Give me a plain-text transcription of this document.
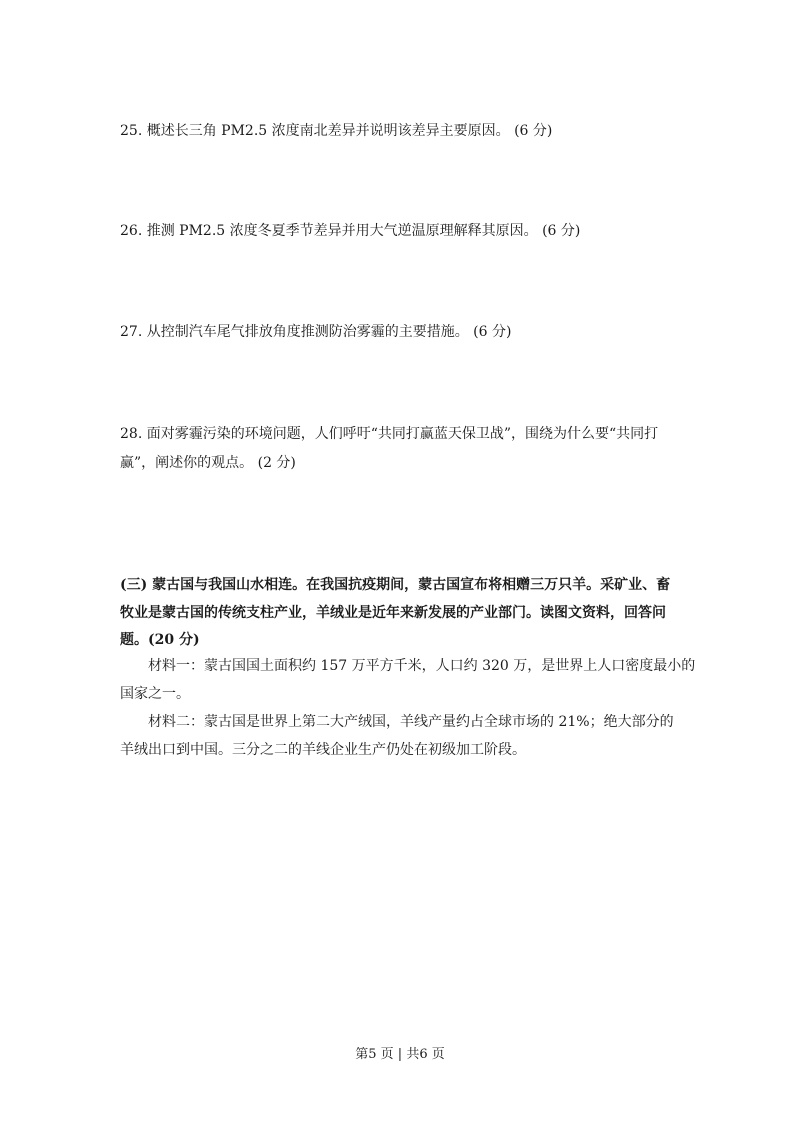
25. 概述长三角 PM2.5 浓度南北差异并说明该差异主要原因。 (6 分)
26. 推测 PM2.5 浓度冬夏季节差异并用大气逆温原理解释其原因。 (6 分)
27. 从控制汽车尾气排放角度推测防治雾霾的主要措施。 (6 分)
28. 面对雾霾污染的环境问题，人们呼吁“共同打赢蓝天保卫战”，围绕为什么要“共同打
赢”，阐述你的观点。 (2 分)
(三) 蒙古国与我国山水相连。在我国抗疫期间，蒙古国宣布将相赠三万只羊。采矿业、畜
牧业是蒙古国的传统支柱产业，羊绒业是近年来新发展的产业部门。读图文资料，回答问
题。(20 分)
材料一：蒙古国国土面积约 157 万平方千米，人口约 320 万，是世界上人口密度最小的
国家之一。
材料二：蒙古国是世界上第二大产绒国，羊线产量约占全球市场的 21%；绝大部分的
羊绒出口到中国。三分之二的羊线企业生产仍处在初级加工阶段。
第5 页 | 共6 页
